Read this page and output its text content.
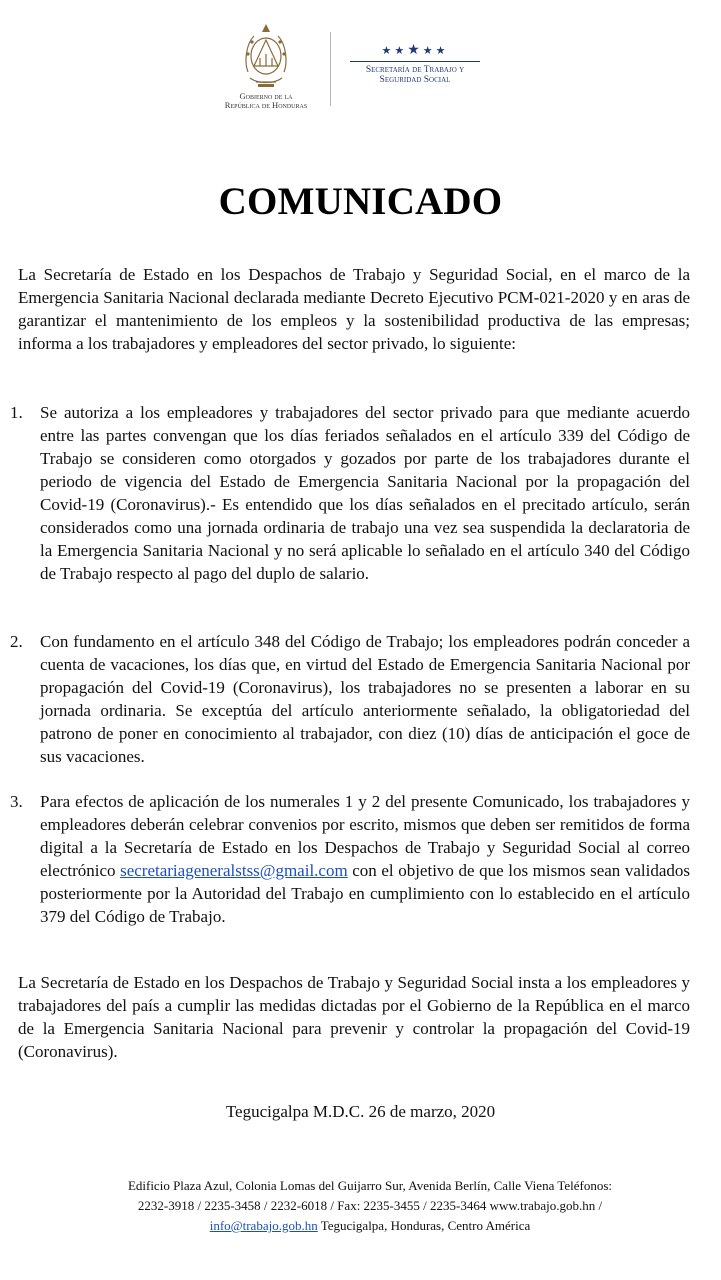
Gobierno de la
República de Honduras
★★★★★
Secretaría de Trabajo y
Seguridad Social
COMUNICADO

La Secretaría de Estado en los Despachos de Trabajo y Seguridad Social, en el marco de la Emergencia Sanitaria Nacional declarada mediante Decreto Ejecutivo PCM-021-2020 y en aras de garantizar el mantenimiento de los empleos y la sostenibilidad productiva de las empresas; informa a los trabajadores y empleadores del sector privado, lo siguiente:

1.	Se autoriza a los empleadores y trabajadores del sector privado para que mediante acuerdo entre las partes convengan que los días feriados señalados en el artículo 339 del Código de Trabajo se consideren como otorgados y gozados por parte de los trabajadores durante el periodo de vigencia del Estado de Emergencia Sanitaria Nacional por la propagación del Covid-19 (Coronavirus).- Es entendido que los días señalados en el precitado artículo, serán considerados como una jornada ordinaria de trabajo una vez sea suspendida la declaratoria de la Emergencia Sanitaria Nacional y no será aplicable lo señalado en el artículo 340 del Código de Trabajo respecto al pago del duplo de salario.

2.	Con fundamento en el artículo 348 del Código de Trabajo; los empleadores podrán conceder a cuenta de vacaciones, los días que, en virtud del Estado de Emergencia Sanitaria Nacional por propagación del Covid-19 (Coronavirus), los trabajadores no se presenten a laborar en su jornada ordinaria. Se exceptúa del artículo anteriormente señalado, la obligatoriedad del patrono de poner en conocimiento al trabajador, con diez (10) días de anticipación el goce de sus vacaciones.

3.	Para efectos de aplicación de los numerales 1 y 2 del presente Comunicado, los trabajadores y empleadores deberán celebrar convenios por escrito, mismos que deben ser remitidos de forma digital a la Secretaría de Estado en los Despachos de Trabajo y Seguridad Social al correo electrónico secretariageneralstss@gmail.com con el objetivo de que los mismos sean validados posteriormente por la Autoridad del Trabajo en cumplimiento con lo establecido en el artículo 379 del Código de Trabajo.

La Secretaría de Estado en los Despachos de Trabajo y Seguridad Social insta a los empleadores y trabajadores del país a cumplir las medidas dictadas por el Gobierno de la República en el marco de la Emergencia Sanitaria Nacional para prevenir y controlar la propagación del Covid-19 (Coronavirus).

Tegucigalpa M.D.C. 26 de marzo, 2020

Edificio Plaza Azul, Colonia Lomas del Guijarro Sur, Avenida Berlín, Calle Viena Teléfonos:
2232-3918 / 2235-3458 / 2232-6018 / Fax: 2235-3455 / 2235-3464 www.trabajo.gob.hn /
info@trabajo.gob.hn Tegucigalpa, Honduras, Centro América
